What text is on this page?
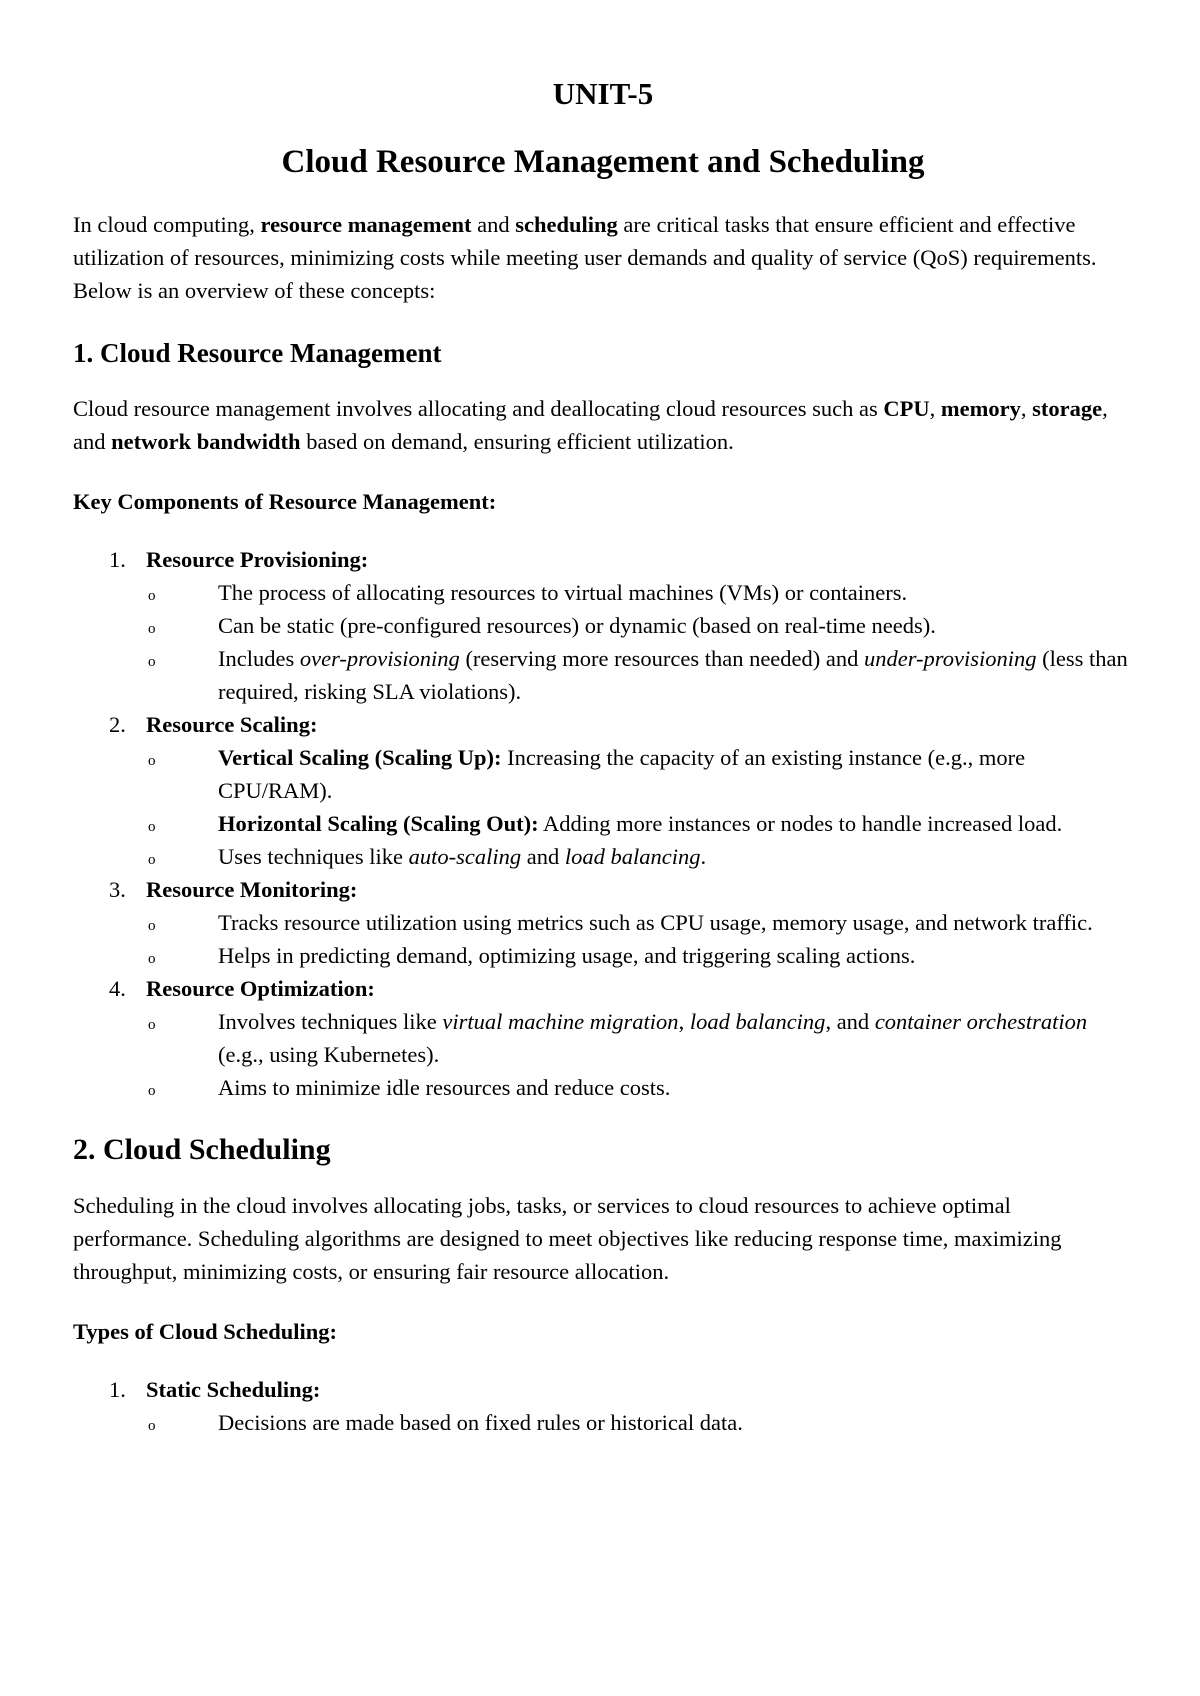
UNIT-5
Cloud Resource Management and Scheduling

In cloud computing, resource management and scheduling are critical tasks that ensure efficient and effective utilization of resources, minimizing costs while meeting user demands and quality of service (QoS) requirements. Below is an overview of these concepts:

1. Cloud Resource Management

Cloud resource management involves allocating and deallocating cloud resources such as CPU, memory, storage, and network bandwidth based on demand, ensuring efficient utilization.

Key Components of Resource Management:

1. Resource Provisioning:
o	The process of allocating resources to virtual machines (VMs) or containers.
o	Can be static (pre-configured resources) or dynamic (based on real-time needs).
o	Includes over-provisioning (reserving more resources than needed) and under-provisioning (less than required, risking SLA violations).
2. Resource Scaling:
o	Vertical Scaling (Scaling Up): Increasing the capacity of an existing instance (e.g., more CPU/RAM).
o	Horizontal Scaling (Scaling Out): Adding more instances or nodes to handle increased load.
o	Uses techniques like auto-scaling and load balancing.
3. Resource Monitoring:
o	Tracks resource utilization using metrics such as CPU usage, memory usage, and network traffic.
o	Helps in predicting demand, optimizing usage, and triggering scaling actions.
4. Resource Optimization:
o	Involves techniques like virtual machine migration, load balancing, and container orchestration (e.g., using Kubernetes).
o	Aims to minimize idle resources and reduce costs.
2. Cloud Scheduling

Scheduling in the cloud involves allocating jobs, tasks, or services to cloud resources to achieve optimal performance. Scheduling algorithms are designed to meet objectives like reducing response time, maximizing throughput, minimizing costs, or ensuring fair resource allocation.

Types of Cloud Scheduling:

1. Static Scheduling:
o	Decisions are made based on fixed rules or historical data.
